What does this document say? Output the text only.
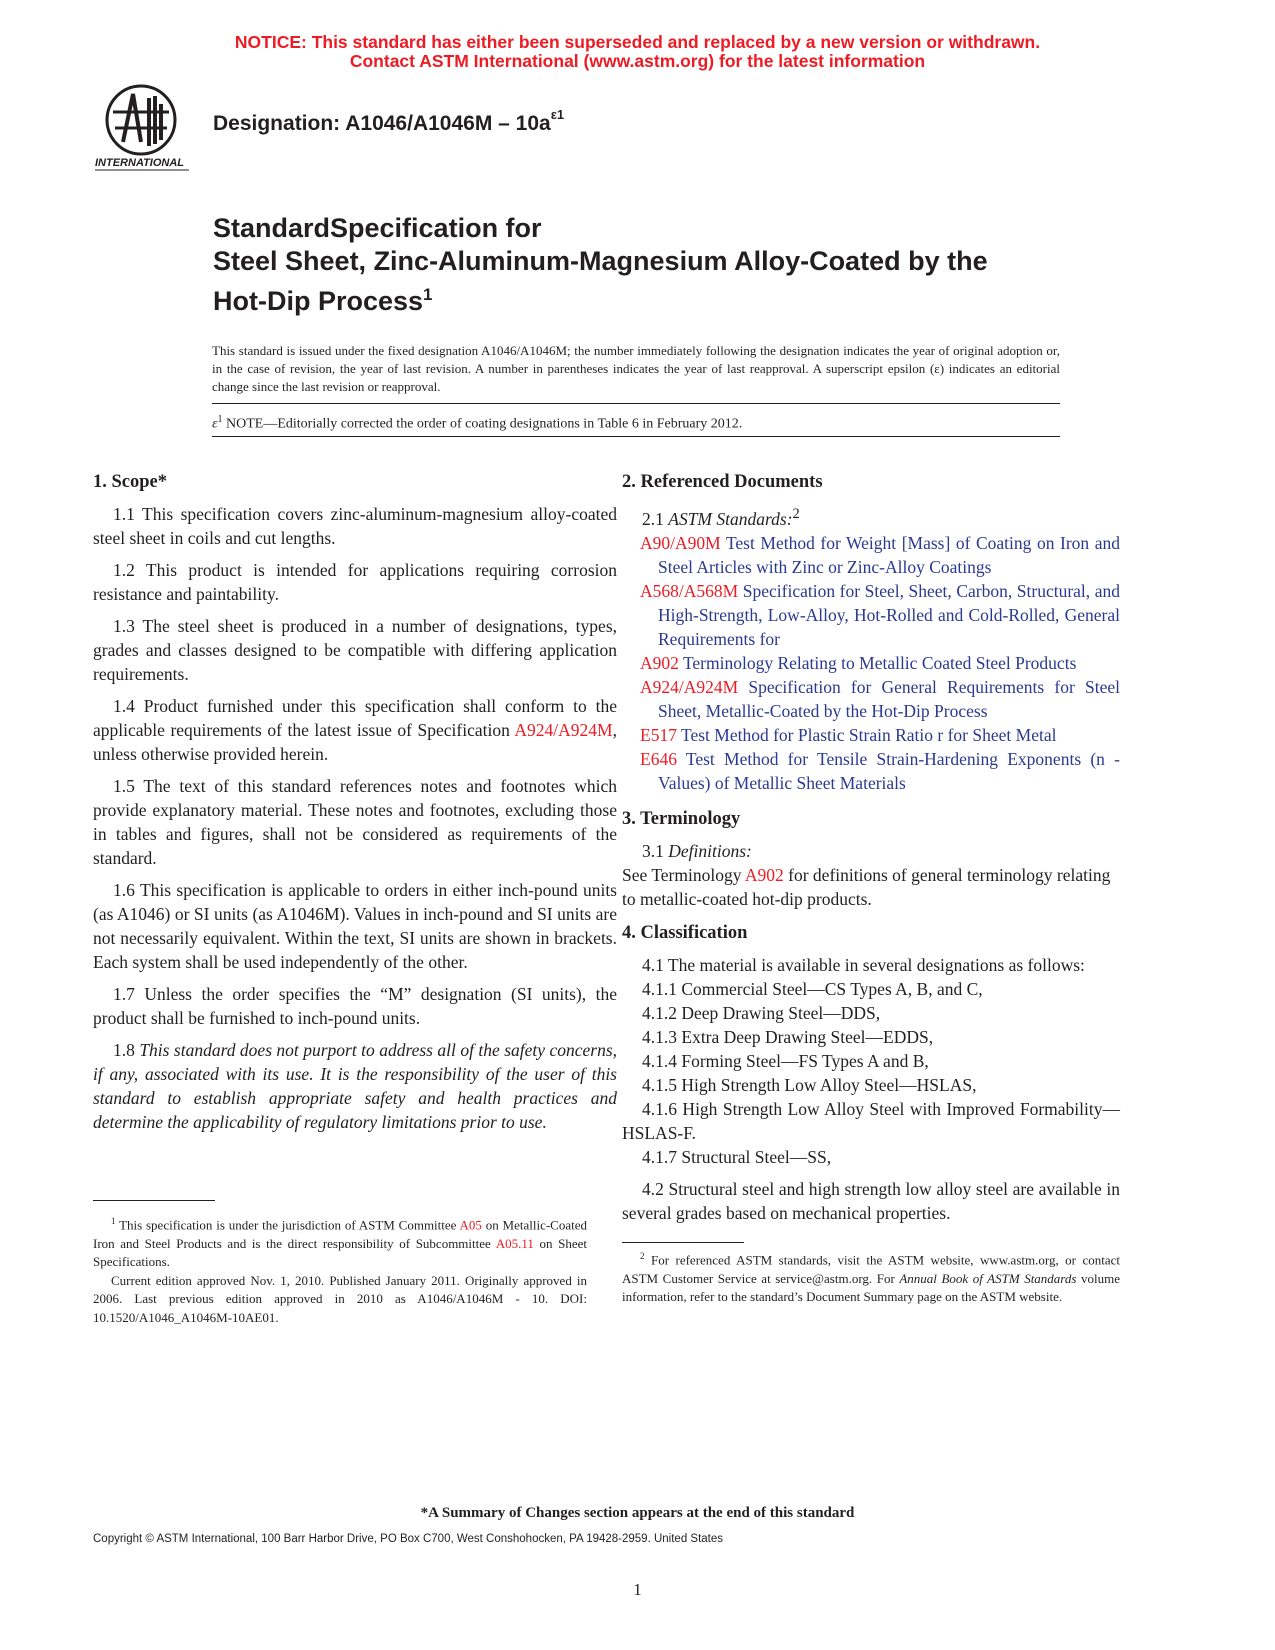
NOTICE: This standard has either been superseded and replaced by a new version or withdrawn.
Contact ASTM International (www.astm.org) for the latest information
INTERNATIONAL
Designation: $A1046/A1046M - 10a^{\varepsilon 1}$
StandardSpecification for
Steel Sheet, Zinc-Aluminum-Magnesium Alloy-Coated by the
Hot-Dip Process$^1$
This standard is issued under the fixed designation A1046/A1046M; the number immediately following the designation indicates the year of original adoption or, in the case of revision, the year of last revision. A number in parentheses indicates the year of last reapproval. A superscript epsilon (ε) indicates an editorial change since the last revision or reapproval.
$\varepsilon^1$ NOTE—Editorially corrected the order of coating designations in Table 6 in February 2012.
1. Scope*

1.1 This specification covers zinc-aluminum-magnesium alloy-coated steel sheet in coils and cut lengths.

1.2 This product is intended for applications requiring corrosion resistance and paintability.

1.3 The steel sheet is produced in a number of designations, types, grades and classes designed to be compatible with differing application requirements.

1.4 Product furnished under this specification shall conform to the applicable requirements of the latest issue of Specification A924/A924M, unless otherwise provided herein.

1.5 The text of this standard references notes and footnotes which provide explanatory material. These notes and footnotes, excluding those in tables and figures, shall not be considered as requirements of the standard.

1.6 This specification is applicable to orders in either inch-pound units (as A1046) or SI units (as A1046M). Values in inch-pound and SI units are not necessarily equivalent. Within the text, SI units are shown in brackets. Each system shall be used independently of the other.

1.7 Unless the order specifies the “M” designation (SI units), the product shall be furnished to inch-pound units.

1.8 This standard does not purport to address all of the safety concerns, if any, associated with its use. It is the responsibility of the user of this standard to establish appropriate safety and health practices and determine the applicability of regulatory limitations prior to use.

2. Referenced Documents

2.1 ASTM Standards:$^2$

A90/A90M Test Method for Weight [Mass] of Coating on Iron and Steel Articles with Zinc or Zinc-Alloy Coatings

A568/A568M Specification for Steel, Sheet, Carbon, Structural, and High-Strength, Low-Alloy, Hot-Rolled and Cold-Rolled, General Requirements for

A902 Terminology Relating to Metallic Coated Steel Products

A924/A924M Specification for General Requirements for Steel Sheet, Metallic-Coated by the Hot-Dip Process

E517 Test Method for Plastic Strain Ratio r for Sheet Metal

E646 Test Method for Tensile Strain-Hardening Exponents (n -Values) of Metallic Sheet Materials

3. Terminology

3.1 Definitions:

See Terminology A902 for definitions of general terminology relating to metallic-coated hot-dip products.

4. Classification

4.1 The material is available in several designations as follows:

4.1.1 Commercial Steel—CS Types A, B, and C,

4.1.2 Deep Drawing Steel—DDS,

4.1.3 Extra Deep Drawing Steel—EDDS,

4.1.4 Forming Steel—FS Types A and B,

4.1.5 High Strength Low Alloy Steel—HSLAS,

4.1.6 High Strength Low Alloy Steel with Improved Formability—HSLAS-F.

4.1.7 Structural Steel—SS,

4.2 Structural steel and high strength low alloy steel are available in several grades based on mechanical properties.

$^1$ This specification is under the jurisdiction of ASTM Committee A05 on Metallic-Coated Iron and Steel Products and is the direct responsibility of Subcommittee A05.11 on Sheet Specifications.
Current edition approved Nov. 1, 2010. Published January 2011. Originally approved in 2006. Last previous edition approved in 2010 as A1046/A1046M - 10. DOI: 10.1520/A1046_A1046M-10AE01.
$^2$ For referenced ASTM standards, visit the ASTM website, www.astm.org, or contact ASTM Customer Service at service@astm.org. For Annual Book of ASTM Standards volume information, refer to the standard’s Document Summary page on the ASTM website.
*A Summary of Changes section appears at the end of this standard
Copyright © ASTM International, 100 Barr Harbor Drive, PO Box C700, West Conshohocken, PA 19428-2959. United States
1
